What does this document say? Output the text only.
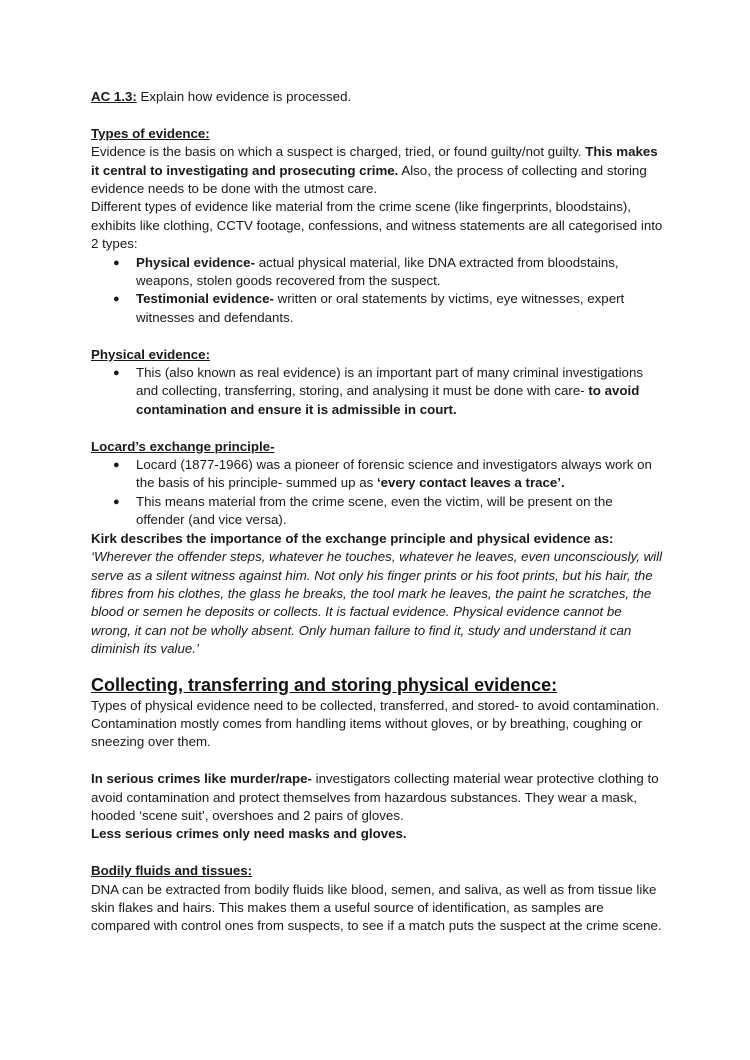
AC 1.3: Explain how evidence is processed.

Types of evidence:

Evidence is the basis on which a suspect is charged, tried, or found guilty/not guilty. This makes it central to investigating and prosecuting crime. Also, the process of collecting and storing evidence needs to be done with the utmost care.

Different types of evidence like material from the crime scene (like fingerprints, bloodstains), exhibits like clothing, CCTV footage, confessions, and witness statements are all categorised into 2 types:

● Physical evidence- actual physical material, like DNA extracted from bloodstains, weapons, stolen goods recovered from the suspect.
● Testimonial evidence- written or oral statements by victims, eye witnesses, expert witnesses and defendants.

Physical evidence:

● This (also known as real evidence) is an important part of many criminal investigations and collecting, transferring, storing, and analysing it must be done with care- to avoid contamination and ensure it is admissible in court.

Locard’s exchange principle-

● Locard (1877-1966) was a pioneer of forensic science and investigators always work on the basis of his principle- summed up as ‘every contact leaves a trace’.
● This means material from the crime scene, even the victim, will be present on the offender (and vice versa).

Kirk describes the importance of the exchange principle and physical evidence as:

‘Wherever the offender steps, whatever he touches, whatever he leaves, even unconsciously, will serve as a silent witness against him. Not only his finger prints or his foot prints, but his hair, the fibres from his clothes, the glass he breaks, the tool mark he leaves, the paint he scratches, the blood or semen he deposits or collects. It is factual evidence. Physical evidence cannot be wrong, it can not be wholly absent. Only human failure to find it, study and understand it can diminish its value.’

Collecting, transferring and storing physical evidence:

Types of physical evidence need to be collected, transferred, and stored- to avoid contamination. Contamination mostly comes from handling items without gloves, or by breathing, coughing or sneezing over them.

In serious crimes like murder/rape- investigators collecting material wear protective clothing to avoid contamination and protect themselves from hazardous substances. They wear a mask, hooded ‘scene suit’, overshoes and 2 pairs of gloves.

Less serious crimes only need masks and gloves.

Bodily fluids and tissues:

DNA can be extracted from bodily fluids like blood, semen, and saliva, as well as from tissue like skin flakes and hairs. This makes them a useful source of identification, as samples are compared with control ones from suspects, to see if a match puts the suspect at the crime scene.
